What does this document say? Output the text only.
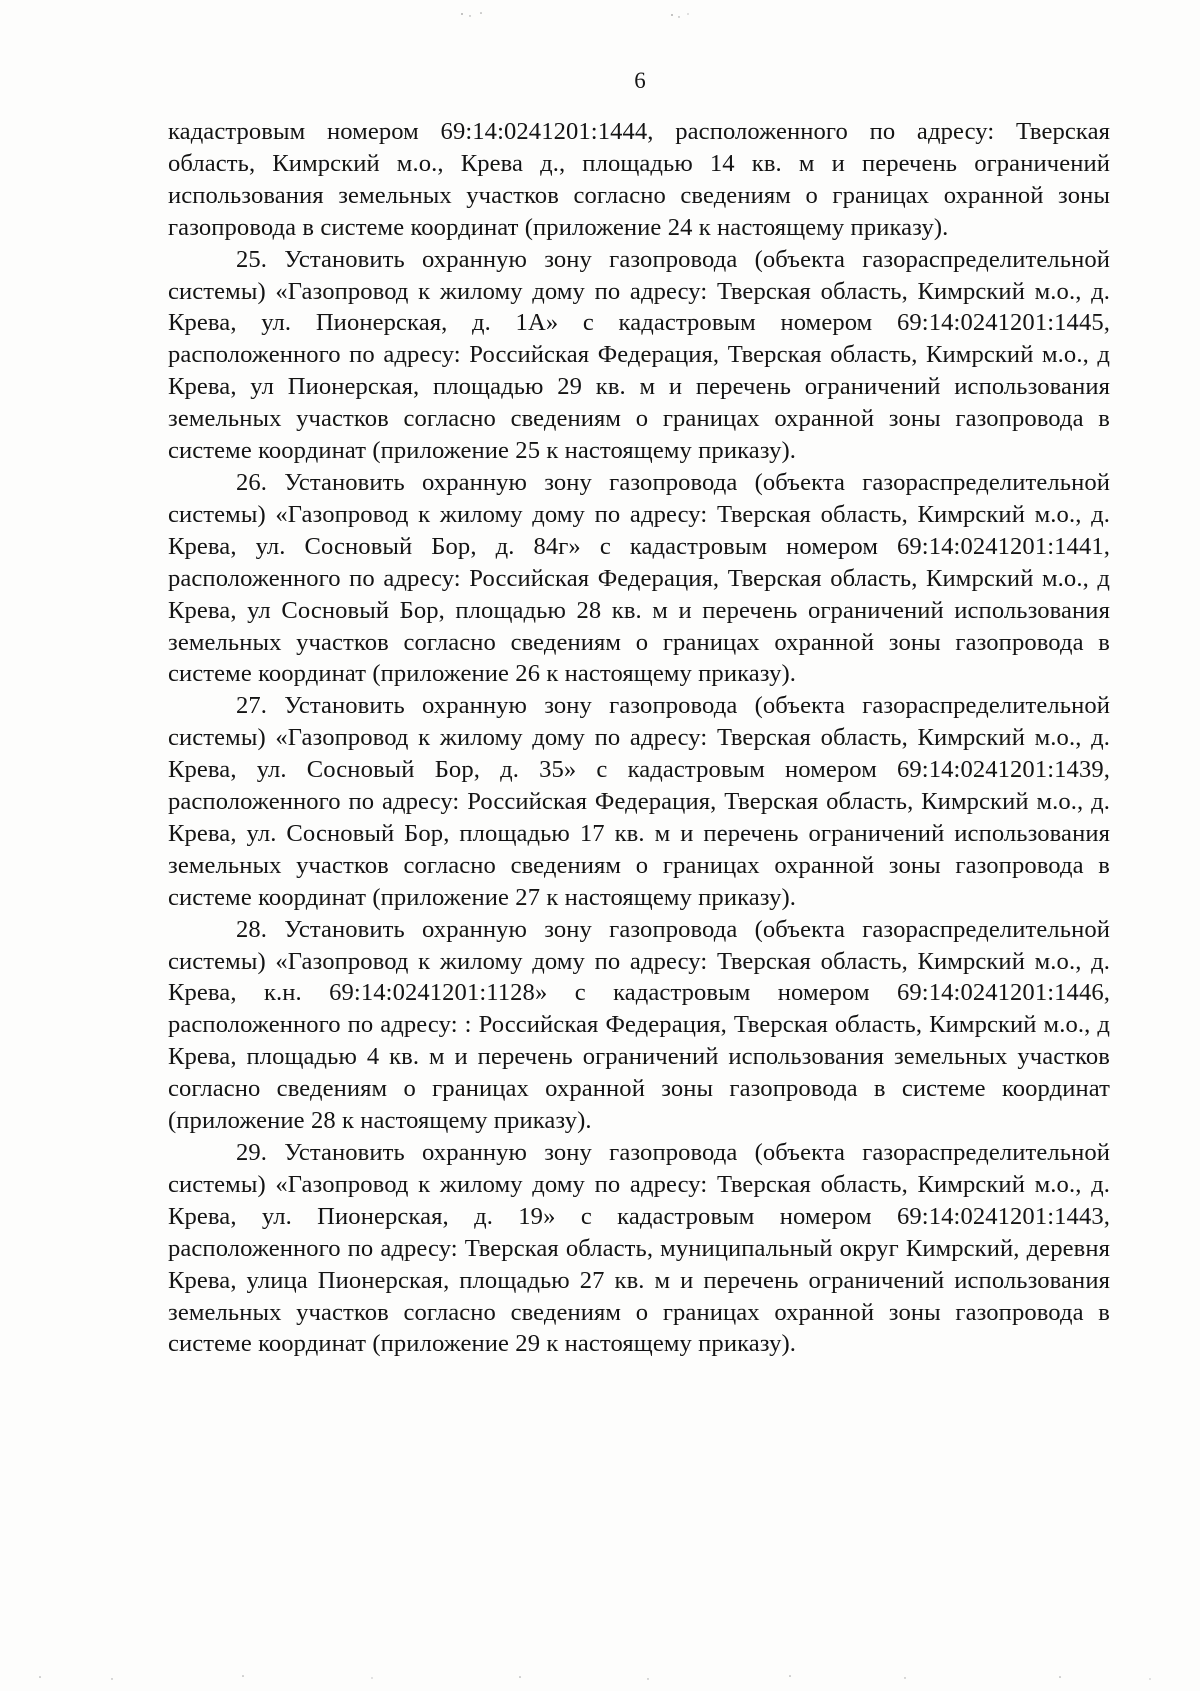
6

кадастровым номером 69:14:0241201:1444, расположенного по адресу: Тверская область, Кимрский м.о., Крева д., площадью 14 кв. м и перечень ограничений использования земельных участков согласно сведениям о границах охранной зоны газопровода в системе координат (приложение 24 к настоящему приказу).

25. Установить охранную зону газопровода (объекта газораспределительной системы) «Газопровод к жилому дому по адресу: Тверская область, Кимрский м.о., д. Крева, ул. Пионерская, д. 1А» с кадастровым номером 69:14:0241201:1445, расположенного по адресу: Российская Федерация, Тверская область, Кимрский м.о., д Крева, ул Пионерская, площадью 29 кв. м и перечень ограничений использования земельных участков согласно сведениям о границах охранной зоны газопровода в системе координат (приложение 25 к настоящему приказу).

26. Установить охранную зону газопровода (объекта газораспределительной системы) «Газопровод к жилому дому по адресу: Тверская область, Кимрский м.о., д. Крева, ул. Сосновый Бор, д. 84г» с кадастровым номером 69:14:0241201:1441, расположенного по адресу: Российская Федерация, Тверская область, Кимрский м.о., д Крева, ул Сосновый Бор, площадью 28 кв. м и перечень ограничений использования земельных участков согласно сведениям о границах охранной зоны газопровода в системе координат (приложение 26 к настоящему приказу).

27. Установить охранную зону газопровода (объекта газораспределительной системы) «Газопровод к жилому дому по адресу: Тверская область, Кимрский м.о., д. Крева, ул. Сосновый Бор, д. 35» с кадастровым номером 69:14:0241201:1439, расположенного по адресу: Российская Федерация, Тверская область, Кимрский м.о., д. Крева, ул. Сосновый Бор, площадью 17 кв. м и перечень ограничений использования земельных участков согласно сведениям о границах охранной зоны газопровода в системе координат (приложение 27 к настоящему приказу).

28. Установить охранную зону газопровода (объекта газораспределительной системы) «Газопровод к жилому дому по адресу: Тверская область, Кимрский м.о., д. Крева, к.н. 69:14:0241201:1128» с кадастровым номером 69:14:0241201:1446, расположенного по адресу: : Российская Федерация, Тверская область, Кимрский м.о., д Крева, площадью 4 кв. м и перечень ограничений использования земельных участков согласно сведениям о границах охранной зоны газопровода в системе координат (приложение 28 к настоящему приказу).

29. Установить охранную зону газопровода (объекта газораспределительной системы) «Газопровод к жилому дому по адресу: Тверская область, Кимрский м.о., д. Крева, ул. Пионерская, д. 19» с кадастровым номером 69:14:0241201:1443, расположенного по адресу: Тверская область, муниципальный округ Кимрский, деревня Крева, улица Пионерская, площадью 27 кв. м и перечень ограничений использования земельных участков согласно сведениям о границах охранной зоны газопровода в системе координат (приложение 29 к настоящему приказу).
